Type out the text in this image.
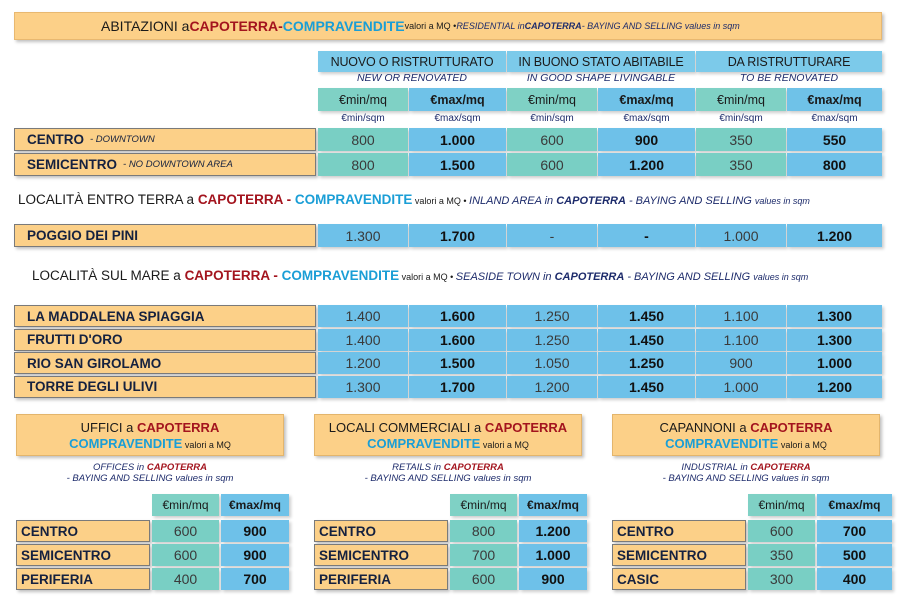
ABITAZIONI a CAPOTERRA - COMPRAVENDITE valori a MQ • RESIDENTIAL in CAPOTERRA - BAYING AND SELLING values in sqm
NUOVO O RISTRUTTURATO	IN BUONO STATO ABITABILE	DA RISTRUTTURARE
NEW OR RENOVATED	IN GOOD SHAPE LIVINGABLE	TO BE RENOVATED
€min/mq	€max/mq	€min/mq	€max/mq	€min/mq	€max/mq
€min/sqm	€max/sqm	€min/sqm	€max/sqm	€min/sqm	€max/sqm
CENTRO - DOWNTOWN	800	1.000	600	900	350	550
SEMICENTRO - NO DOWNTOWN AREA	800	1.500	600	1.200	350	800
LOCALITÀ ENTRO TERRA a CAPOTERRA - COMPRAVENDITE valori a MQ • INLAND AREA in CAPOTERRA - BAYING AND SELLING values in sqm
POGGIO DEI PINI	1.300	1.700	-	-	1.000	1.200
LOCALITÀ SUL MARE a CAPOTERRA - COMPRAVENDITE valori a MQ • SEASIDE TOWN in CAPOTERRA - BAYING AND SELLING values in sqm
LA MADDALENA SPIAGGIA	1.400	1.600	1.250	1.450	1.100	1.300
FRUTTI D'ORO	1.400	1.600	1.250	1.450	1.100	1.300
RIO SAN GIROLAMO	1.200	1.500	1.050	1.250	900	1.000
TORRE DEGLI ULIVI	1.300	1.700	1.200	1.450	1.000	1.200
UFFICI a CAPOTERRA
COMPRAVENDITE valori a MQ
OFFICES in CAPOTERRA
- BAYING AND SELLING values in sqm
€min/mq	€max/mq
CENTRO	600	900
SEMICENTRO	600	900
PERIFERIA	400	700
LOCALI COMMERCIALI a CAPOTERRA
COMPRAVENDITE valori a MQ
RETAILS in CAPOTERRA
- BAYING AND SELLING values in sqm
€min/mq	€max/mq
CENTRO	800	1.200
SEMICENTRO	700	1.000
PERIFERIA	600	900
CAPANNONI a CAPOTERRA
COMPRAVENDITE valori a MQ
INDUSTRIAL in CAPOTERRA
- BAYING AND SELLING values in sqm
€min/mq	€max/mq
CENTRO	600	700
SEMICENTRO	350	500
CASIC	300	400
